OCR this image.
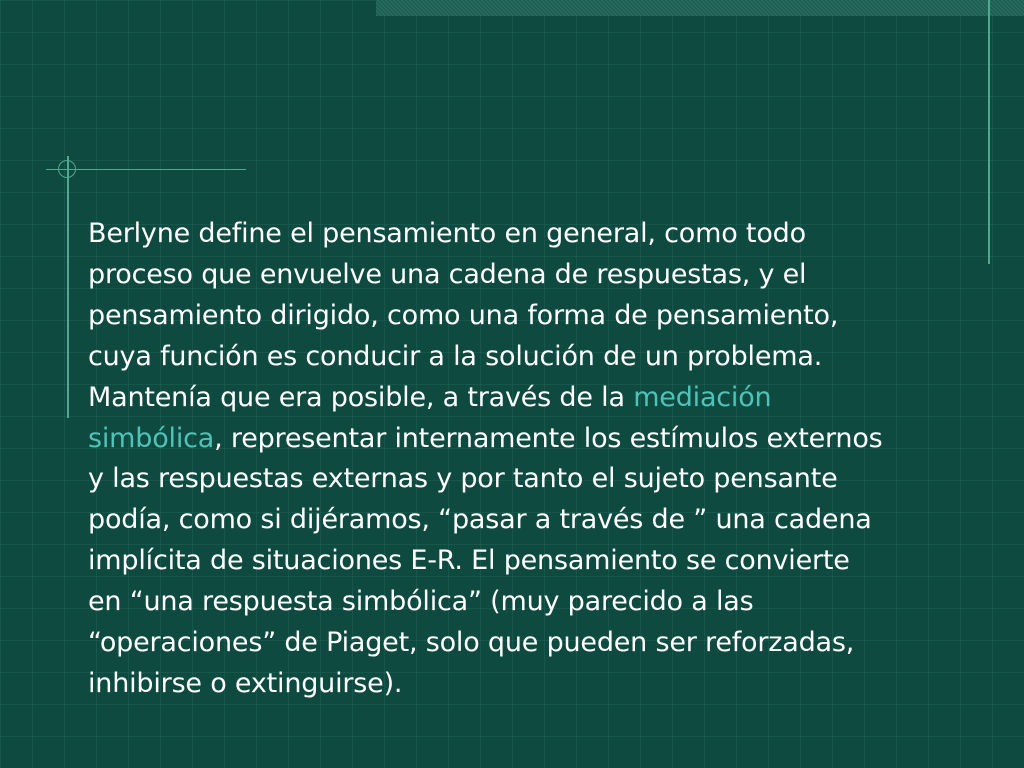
Berlyne define el pensamiento en general, como todo
proceso que envuelve una cadena de respuestas, y el
pensamiento dirigido, como una forma de pensamiento,
cuya función es conducir a la solución de un problema.
Mantenía que era posible, a través de la mediación
simbólica, representar internamente los estímulos externos
y las respuestas externas y por tanto el sujeto pensante
podía, como si dijéramos, “pasar a través de ” una cadena
implícita de situaciones E-R. El pensamiento se convierte
en “una respuesta simbólica” (muy parecido a las
“operaciones” de Piaget, solo que pueden ser reforzadas,
inhibirse o extinguirse).
